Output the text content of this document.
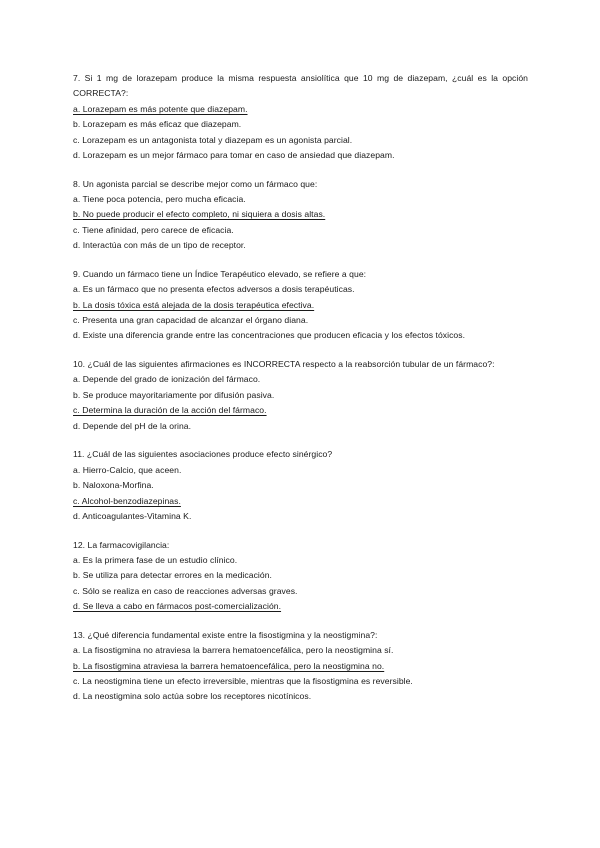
7. Si 1 mg de lorazepam produce la misma respuesta ansiolítica que 10 mg de diazepam, ¿cuál es la opción CORRECTA?:
a. Lorazepam es más potente que diazepam.
b. Lorazepam es más eficaz que diazepam.
c. Lorazepam es un antagonista total y diazepam es un agonista parcial.
d. Lorazepam es un mejor fármaco para tomar en caso de ansiedad que diazepam.
8. Un agonista parcial se describe mejor como un fármaco que:
a. Tiene poca potencia, pero mucha eficacia.
b. No puede producir el efecto completo, ni siquiera a dosis altas.
c. Tiene afinidad, pero carece de eficacia.
d. Interactúa con más de un tipo de receptor.
9. Cuando un fármaco tiene un Índice Terapéutico elevado, se refiere a que:
a. Es un fármaco que no presenta efectos adversos a dosis terapéuticas.
b. La dosis tóxica está alejada de la dosis terapéutica efectiva.
c. Presenta una gran capacidad de alcanzar el órgano diana.
d. Existe una diferencia grande entre las concentraciones que producen eficacia y los efectos tóxicos.
10. ¿Cuál de las siguientes afirmaciones es INCORRECTA respecto a la reabsorción tubular de un fármaco?:
a. Depende del grado de ionización del fármaco.
b. Se produce mayoritariamente por difusión pasiva.
c. Determina la duración de la acción del fármaco.
d. Depende del pH de la orina.
11. ¿Cuál de las siguientes asociaciones produce efecto sinérgico?
a. Hierro-Calcio, que aceen.
b. Naloxona-Morfina.
c. Alcohol-benzodiazepinas.
d. Anticoagulantes-Vitamina K.
12. La farmacovigilancia:
a. Es la primera fase de un estudio clínico.
b. Se utiliza para detectar errores en la medicación.
c. Sólo se realiza en caso de reacciones adversas graves.
d. Se lleva a cabo en fármacos post-comercialización.
13. ¿Qué diferencia fundamental existe entre la fisostigmina y la neostigmina?:
a. La fisostigmina no atraviesa la barrera hematoencefálica, pero la neostigmina sí.
b. La fisostigmina atraviesa la barrera hematoencefálica, pero la neostigmina no.
c. La neostigmina tiene un efecto irreversible, mientras que la fisostigmina es reversible.
d. La neostigmina solo actúa sobre los receptores nicotínicos.
